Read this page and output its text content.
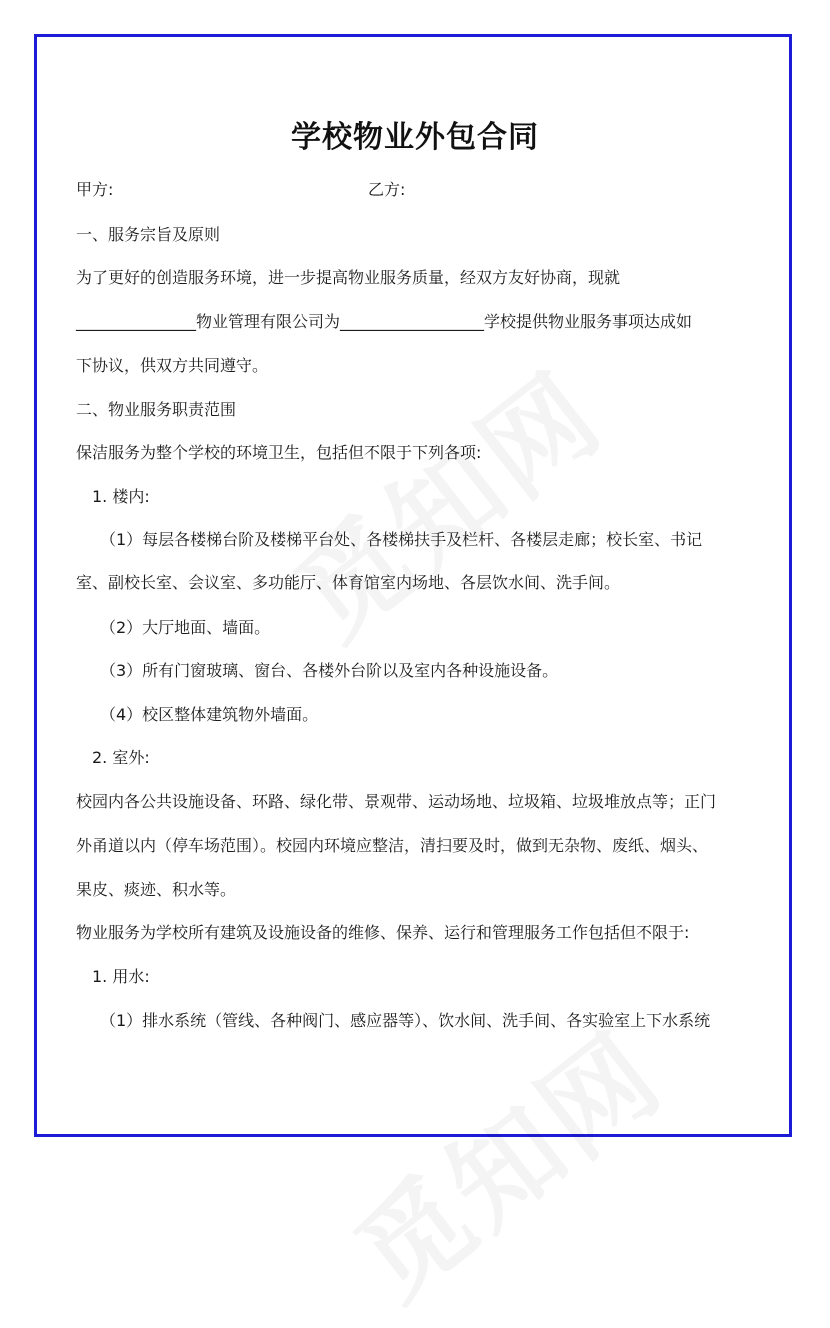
学校物业外包合同
甲方:	乙方:
一、服务宗旨及原则
为了更好的创造服务环境，进一步提高物业服务质量，经双方友好协商，现就
_______________物业管理有限公司为__________________学校提供物业服务事项达成如
下协议，供双方共同遵守。
二、物业服务职责范围
保洁服务为整个学校的环境卫生，包括但不限于下列各项:
1. 楼内:
（1）每层各楼梯台阶及楼梯平台处、各楼梯扶手及栏杆、各楼层走廊；校长室、书记
室、副校长室、会议室、多功能厅、体育馆室内场地、各层饮水间、洗手间。
（2）大厅地面、墙面。
（3）所有门窗玻璃、窗台、各楼外台阶以及室内各种设施设备。
（4）校区整体建筑物外墙面。
2. 室外:
校园内各公共设施设备、环路、绿化带、景观带、运动场地、垃圾箱、垃圾堆放点等；正门
外甬道以内（停车场范围）。校园内环境应整洁，清扫要及时，做到无杂物、废纸、烟头、
果皮、痰迹、积水等。
物业服务为学校所有建筑及设施设备的维修、保养、运行和管理服务工作包括但不限于:
1. 用水:
（1）排水系统（管线、各种阀门、感应器等）、饮水间、洗手间、各实验室上下水系统
